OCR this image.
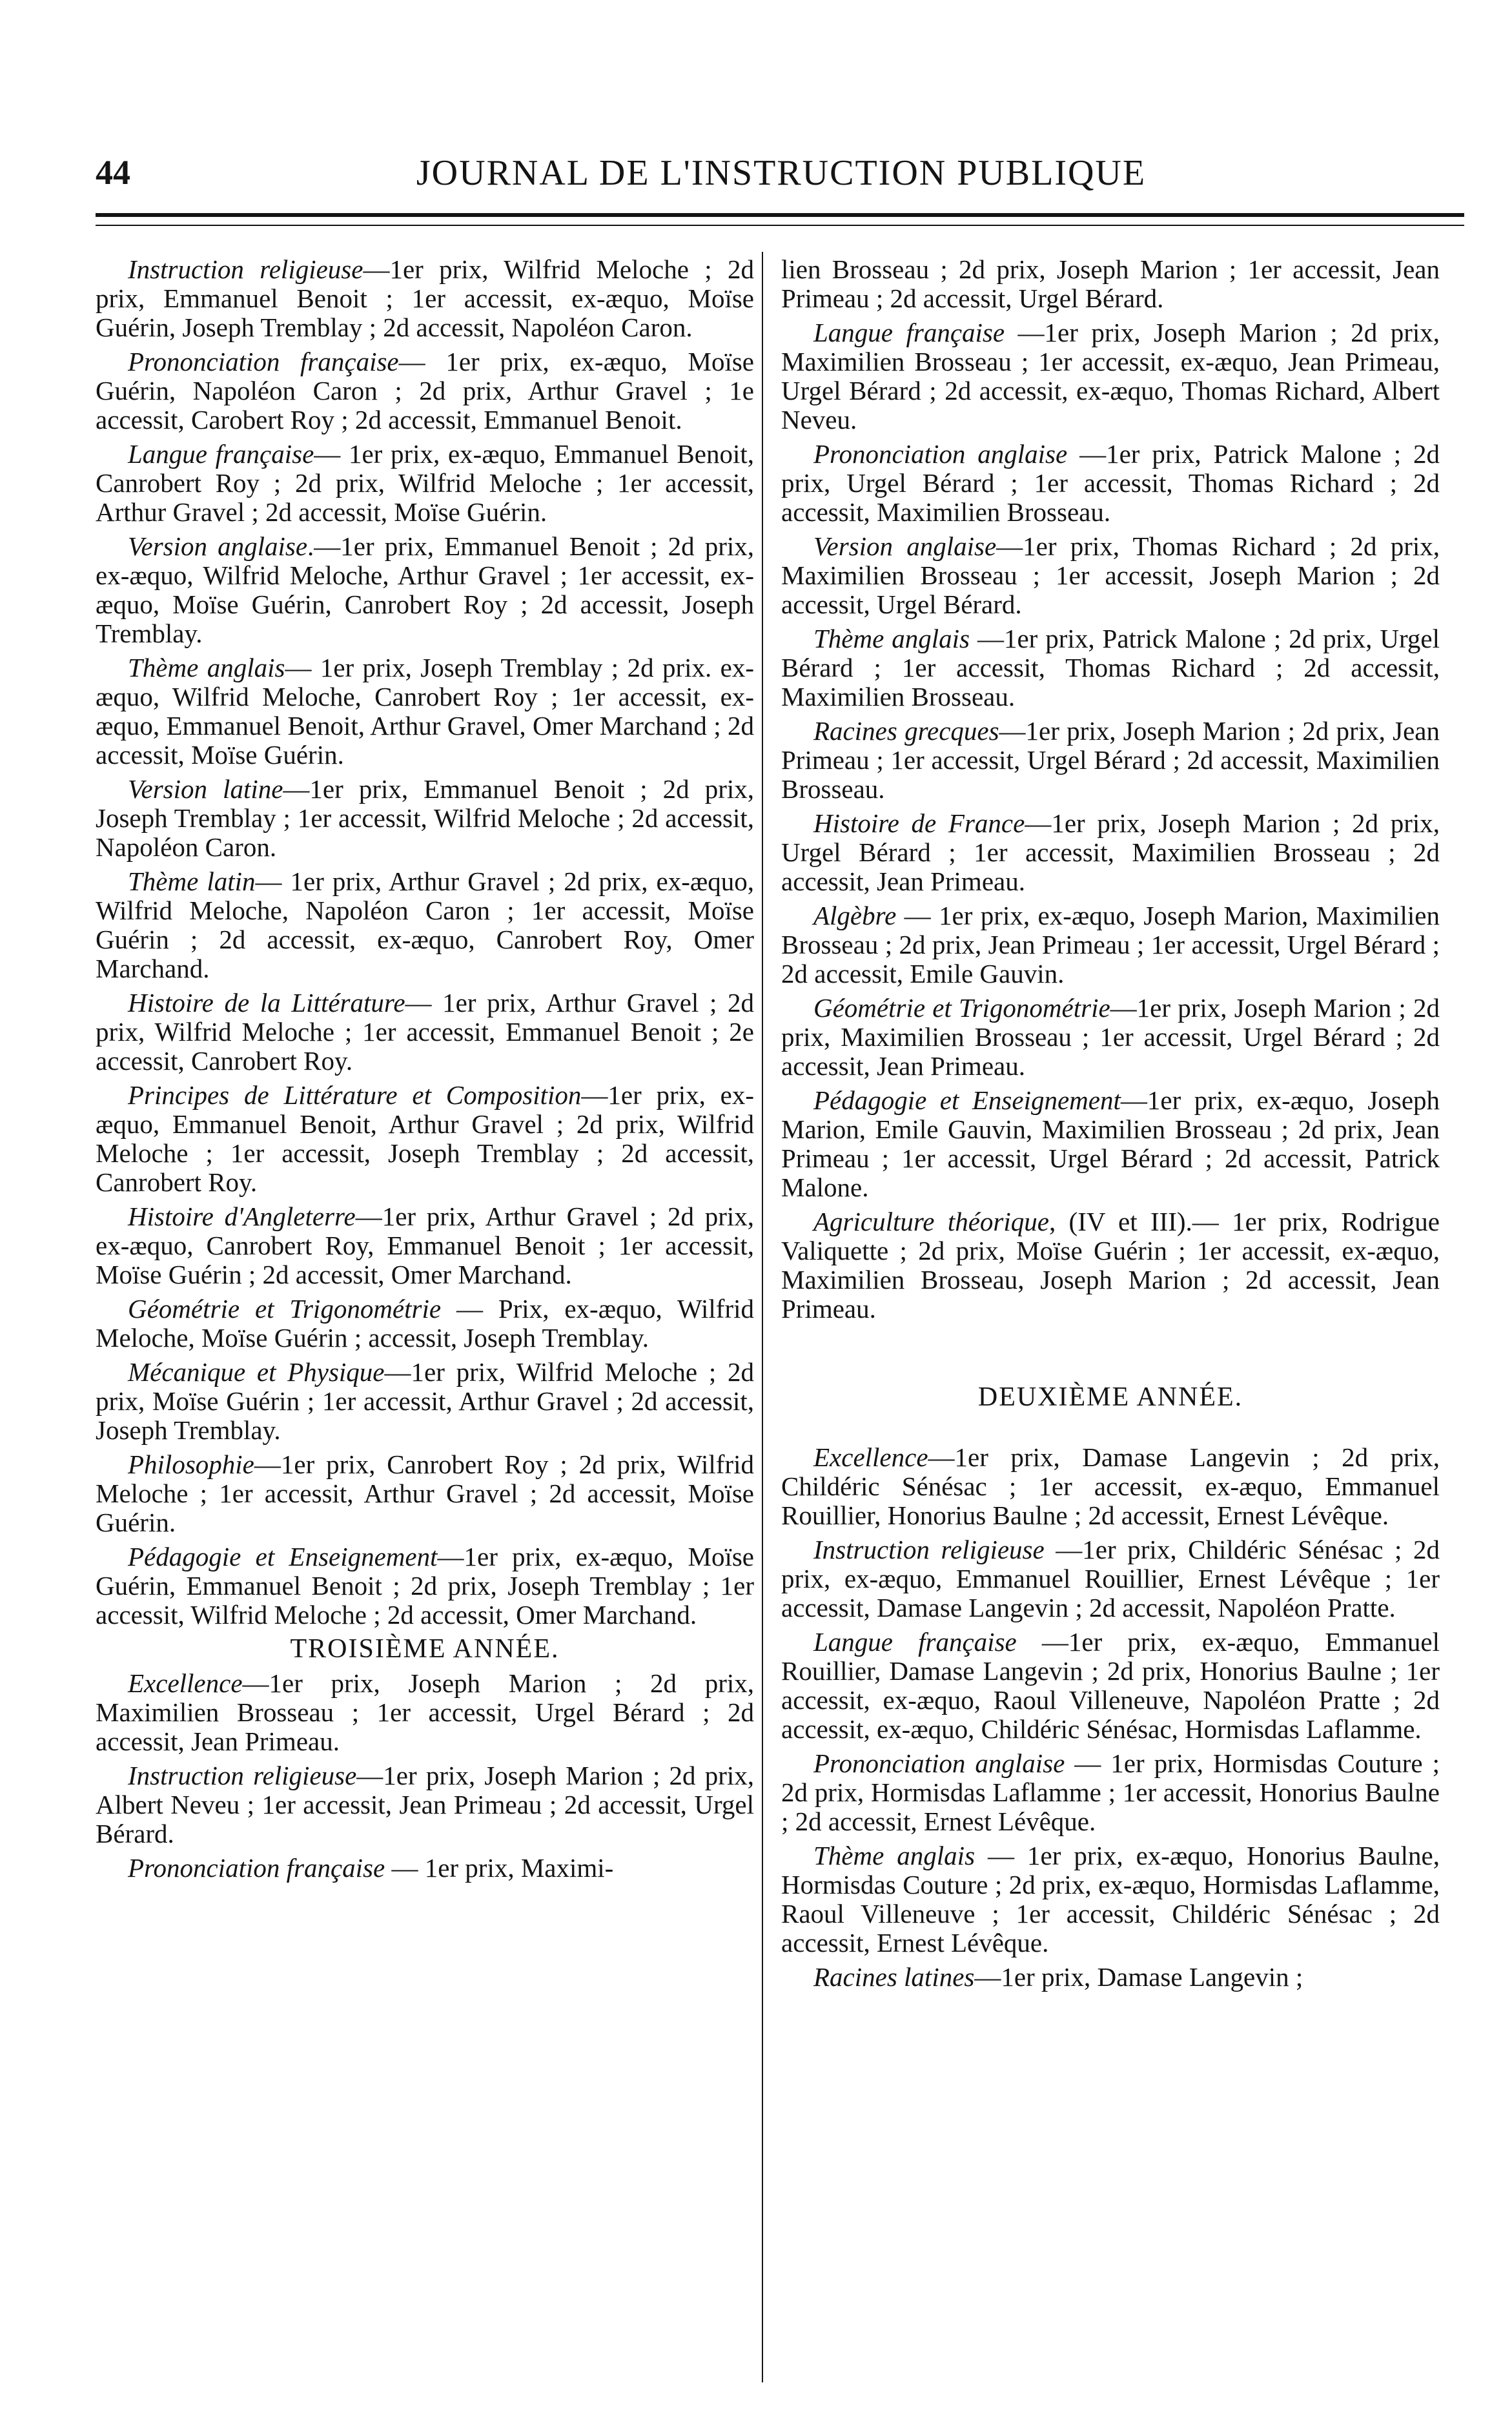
44	JOURNAL DE L'INSTRUCTION PUBLIQUE

Instruction religieuse—1er prix, Wilfrid Meloche ; 2d prix, Emmanuel Benoit ; 1er accessit, ex-æquo, Moïse Guérin, Joseph Tremblay ; 2d accessit, Napoléon Caron.

Prononciation française— 1er prix, ex-æquo, Moïse Guérin, Napoléon Caron ; 2d prix, Arthur Gravel ; 1e accessit, Carobert Roy ; 2d accessit, Emmanuel Benoit.

Langue française— 1er prix, ex-æquo, Emmanuel Benoit, Canrobert Roy ; 2d prix, Wilfrid Meloche ; 1er accessit, Arthur Gravel ; 2d accessit, Moïse Guérin.

Version anglaise.—1er prix, Emmanuel Benoit ; 2d prix, ex-æquo, Wilfrid Meloche, Arthur Gravel ; 1er accessit, ex-æquo, Moïse Guérin, Canrobert Roy ; 2d accessit, Joseph Tremblay.

Thème anglais— 1er prix, Joseph Tremblay ; 2d prix. ex-æquo, Wilfrid Meloche, Canrobert Roy ; 1er accessit, ex-æquo, Emmanuel Benoit, Arthur Gravel, Omer Marchand ; 2d accessit, Moïse Guérin.

Version latine—1er prix, Emmanuel Benoit ; 2d prix, Joseph Tremblay ; 1er accessit, Wilfrid Meloche ; 2d accessit, Napoléon Caron.

Thème latin— 1er prix, Arthur Gravel ; 2d prix, ex-æquo, Wilfrid Meloche, Napoléon Caron ; 1er accessit, Moïse Guérin ; 2d accessit, ex-æquo, Canrobert Roy, Omer Marchand.

Histoire de la Littérature— 1er prix, Arthur Gravel ; 2d prix, Wilfrid Meloche ; 1er accessit, Emmanuel Benoit ; 2e accessit, Canrobert Roy.

Principes de Littérature et Composition—1er prix, ex-æquo, Emmanuel Benoit, Arthur Gravel ; 2d prix, Wilfrid Meloche ; 1er accessit, Joseph Tremblay ; 2d accessit, Canrobert Roy.

Histoire d'Angleterre—1er prix, Arthur Gravel ; 2d prix, ex-æquo, Canrobert Roy, Emmanuel Benoit ; 1er accessit, Moïse Guérin ; 2d accessit, Omer Marchand.

Géométrie et Trigonométrie — Prix, ex-æquo, Wilfrid Meloche, Moïse Guérin ; accessit, Joseph Tremblay.

Mécanique et Physique—1er prix, Wilfrid Meloche ; 2d prix, Moïse Guérin ; 1er accessit, Arthur Gravel ; 2d accessit, Joseph Tremblay.

Philosophie—1er prix, Canrobert Roy ; 2d prix, Wilfrid Meloche ; 1er accessit, Arthur Gravel ; 2d accessit, Moïse Guérin.

Pédagogie et Enseignement—1er prix, ex-æquo, Moïse Guérin, Emmanuel Benoit ; 2d prix, Joseph Tremblay ; 1er accessit, Wilfrid Meloche ; 2d accessit, Omer Marchand.

TROISIÈME ANNÉE.

Excellence—1er prix, Joseph Marion ; 2d prix, Maximilien Brosseau ; 1er accessit, Urgel Bérard ; 2d accessit, Jean Primeau.

Instruction religieuse—1er prix, Joseph Marion ; 2d prix, Albert Neveu ; 1er accessit, Jean Primeau ; 2d accessit, Urgel Bérard.

Prononciation française — 1er prix, Maximi-

lien Brosseau ; 2d prix, Joseph Marion ; 1er accessit, Jean Primeau ; 2d accessit, Urgel Bérard.

Langue française —1er prix, Joseph Marion ; 2d prix, Maximilien Brosseau ; 1er accessit, ex-æquo, Jean Primeau, Urgel Bérard ; 2d accessit, ex-æquo, Thomas Richard, Albert Neveu.

Prononciation anglaise —1er prix, Patrick Malone ; 2d prix, Urgel Bérard ; 1er accessit, Thomas Richard ; 2d accessit, Maximilien Brosseau.

Version anglaise—1er prix, Thomas Richard ; 2d prix, Maximilien Brosseau ; 1er accessit, Joseph Marion ; 2d accessit, Urgel Bérard.

Thème anglais —1er prix, Patrick Malone ; 2d prix, Urgel Bérard ; 1er accessit, Thomas Richard ; 2d accessit, Maximilien Brosseau.

Racines grecques—1er prix, Joseph Marion ; 2d prix, Jean Primeau ; 1er accessit, Urgel Bérard ; 2d accessit, Maximilien Brosseau.

Histoire de France—1er prix, Joseph Marion ; 2d prix, Urgel Bérard ; 1er accessit, Maximilien Brosseau ; 2d accessit, Jean Primeau.

Algèbre — 1er prix, ex-æquo, Joseph Marion, Maximilien Brosseau ; 2d prix, Jean Primeau ; 1er accessit, Urgel Bérard ; 2d accessit, Emile Gauvin.

Géométrie et Trigonométrie—1er prix, Joseph Marion ; 2d prix, Maximilien Brosseau ; 1er accessit, Urgel Bérard ; 2d accessit, Jean Primeau.

Pédagogie et Enseignement—1er prix, ex-æquo, Joseph Marion, Emile Gauvin, Maximilien Brosseau ; 2d prix, Jean Primeau ; 1er accessit, Urgel Bérard ; 2d accessit, Patrick Malone.

Agriculture théorique, (IV et III).— 1er prix, Rodrigue Valiquette ; 2d prix, Moïse Guérin ; 1er accessit, ex-æquo, Maximilien Brosseau, Joseph Marion ; 2d accessit, Jean Primeau.

DEUXIÈME ANNÉE.

Excellence—1er prix, Damase Langevin ; 2d prix, Childéric Sénésac ; 1er accessit, ex-æquo, Emmanuel Rouillier, Honorius Baulne ; 2d accessit, Ernest Lévêque.

Instruction religieuse —1er prix, Childéric Sénésac ; 2d prix, ex-æquo, Emmanuel Rouillier, Ernest Lévêque ; 1er accessit, Damase Langevin ; 2d accessit, Napoléon Pratte.

Langue française —1er prix, ex-æquo, Emmanuel Rouillier, Damase Langevin ; 2d prix, Honorius Baulne ; 1er accessit, ex-æquo, Raoul Villeneuve, Napoléon Pratte ; 2d accessit, ex-æquo, Childéric Sénésac, Hormisdas Laflamme.

Prononciation anglaise — 1er prix, Hormisdas Couture ; 2d prix, Hormisdas Laflamme ; 1er accessit, Honorius Baulne ; 2d accessit, Ernest Lévêque.

Thème anglais — 1er prix, ex-æquo, Honorius Baulne, Hormisdas Couture ; 2d prix, ex-æquo, Hormisdas Laflamme, Raoul Villeneuve ; 1er accessit, Childéric Sénésac ; 2d accessit, Ernest Lévêque.

Racines latines—1er prix, Damase Langevin ;
